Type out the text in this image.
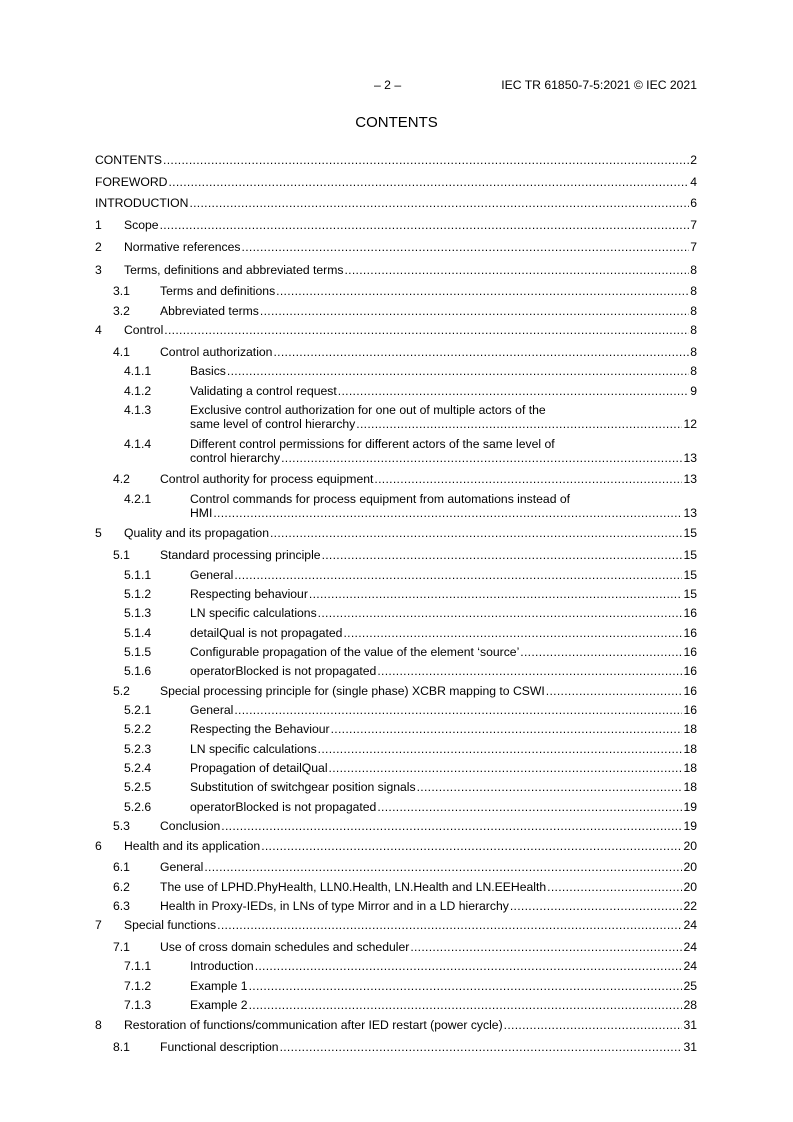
– 2 –	IEC TR 61850-7-5:2021 © IEC 2021
CONTENTS
CONTENTS .....	2
FOREWORD .....	4
INTRODUCTION .....	6
1 Scope .....	7
2 Normative references .....	7
3 Terms, definitions and abbreviated terms .....	8
3.1 Terms and definitions .....	8
3.2 Abbreviated terms .....	8
4 Control .....	8
4.1 Control authorization .....	8
4.1.1	Basics .....	8
4.1.2	Validating a control request .....	9
4.1.3	Exclusive control authorization for one out of multiple actors of the
same level of control hierarchy .....	12
4.1.4	Different control permissions for different actors of the same level of
control hierarchy .....	13
4.2 Control authority for process equipment .....	13
4.2.1	Control commands for process equipment from automations instead of
HMI .....	13
5 Quality and its propagation .....	15
5.1 Standard processing principle .....	15
5.1.1	General .....	15
5.1.2	Respecting behaviour .....	15
5.1.3	LN specific calculations .....	16
5.1.4	detailQual is not propagated .....	16
5.1.5	Configurable propagation of the value of the element ‘source’ .....	16
5.1.6	operatorBlocked is not propagated .....	16
5.2 Special processing principle for (single phase) XCBR mapping to CSWI .....	16
5.2.1	General .....	16
5.2.2	Respecting the Behaviour .....	18
5.2.3	LN specific calculations .....	18
5.2.4	Propagation of detailQual .....	18
5.2.5	Substitution of switchgear position signals .....	18
5.2.6	operatorBlocked is not propagated .....	19
5.3 Conclusion .....	19
6 Health and its application .....	20
6.1 General .....	20
6.2 The use of LPHD.PhyHealth, LLN0.Health, LN.Health and LN.EEHealth .....	20
6.3 Health in Proxy-IEDs, in LNs of type Mirror and in a LD hierarchy .....	22
7 Special functions .....	24
7.1 Use of cross domain schedules and scheduler .....	24
7.1.1	Introduction .....	24
7.1.2	Example 1 .....	25
7.1.3	Example 2 .....	28
8 Restoration of functions/communication after IED restart (power cycle) .....	31
8.1 Functional description .....	31
